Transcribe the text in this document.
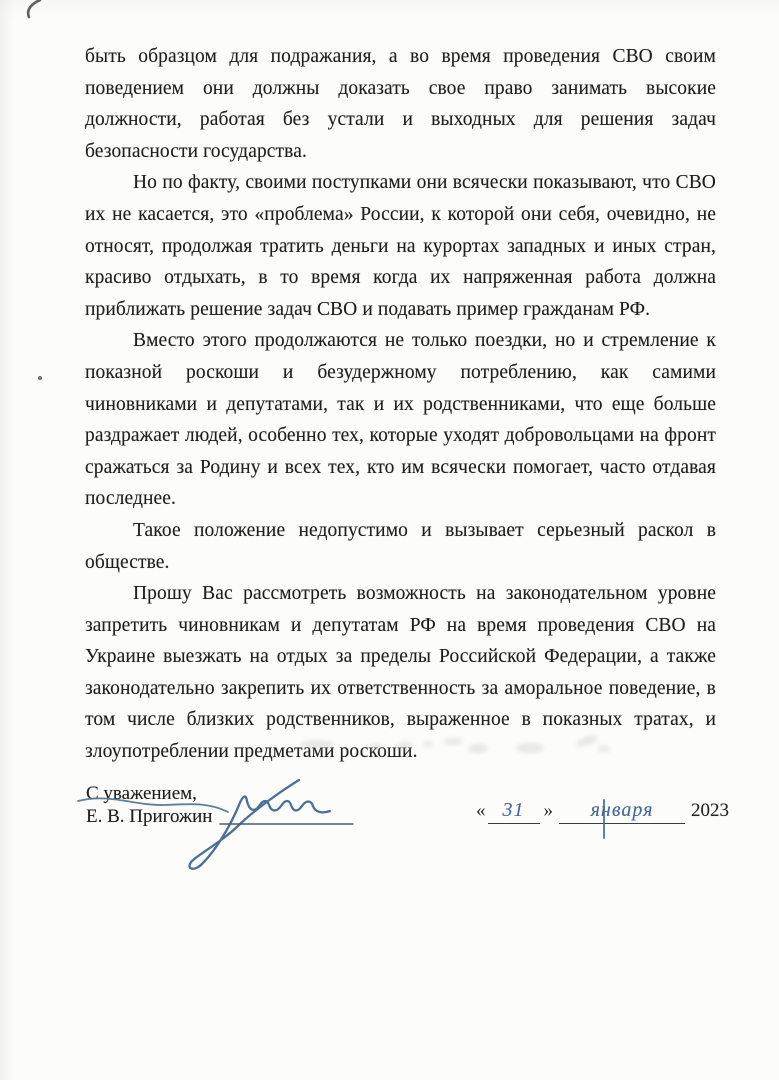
быть образцом для подражания, а во время проведения СВО своим поведением они должны доказать свое право занимать высокие должности, работая без устали и выходных для решения задач безопасности государства.

Но по факту, своими поступками они всячески показывают, что СВО их не касается, это «проблема» России, к которой они себя, очевидно, не относят, продолжая тратить деньги на курортах западных и иных стран, красиво отдыхать, в то время когда их напряженная работа должна приближать решение задач СВО и подавать пример гражданам РФ.

Вместо этого продолжаются не только поездки, но и стремление к показной роскоши и безудержному потреблению, как самими чиновниками и депутатами, так и их родственниками, что еще больше раздражает людей, особенно тех, которые уходят добровольцами на фронт сражаться за Родину и всех тех, кто им всячески помогает, часто отдавая последнее.

Такое положение недопустимо и вызывает серьезный раскол в обществе.

Прошу Вас рассмотреть возможность на законодательном уровне запретить чиновникам и депутатам РФ на время проведения СВО на Украине выезжать на отдых за пределы Российской Федерации, а также законодательно закрепить их ответственность за аморальное поведение, в том числе близких родственников, выраженное в показных тратах, и злоупотреблении предметами роскоши.

С уважением,
Е. В. Пригожин	« 31	»	января	2023
